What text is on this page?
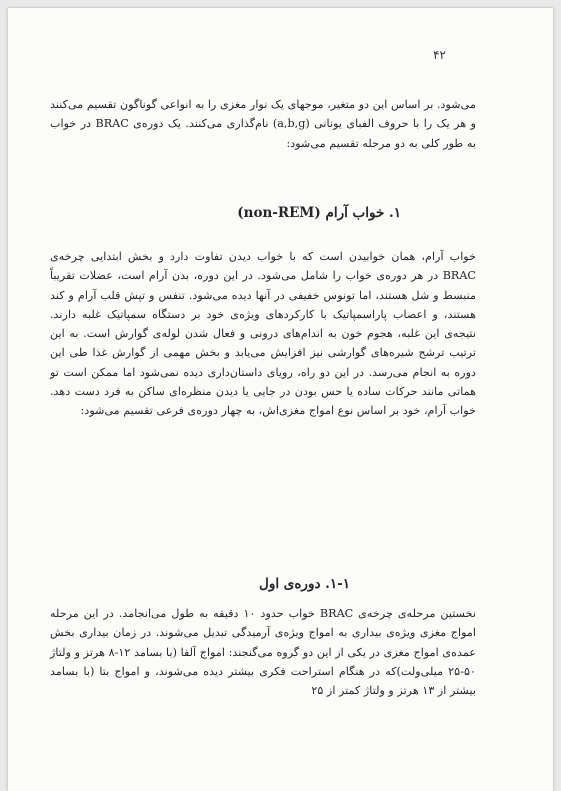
۴۲
می‌شود. بر اساس این دو متغیر، موجهای یک نوار مغزی را به انواعی گوناگون تقسیم می‌کنند و هر یک را با حروف الفبای یونانی (a,b,g) نام‌گذاری می‌کنند. یک دوره‌ی BRAC در خواب به طور کلی به دو مرحله تقسیم می‌شود:
۱. خواب آرام (non-REM)
خواب آرام، همان خوابیدن است که با خواب دیدن تفاوت دارد و بخش ابتدایی چرخه‌ی BRAC در هر دوره‌ی خواب را شامل می‌شود. در این دوره، بدن آرام است، عضلات تقریباً منبسط و شل هستند، اما تونوس خفیفی در آنها دیده می‌شود. تنفس و تپش قلب آرام و کند هستند، و اعصاب پاراسمپاتیک با کارکردهای ویژه‌ی خود بر دستگاه سمپاتیک غلبه دارند. نتیجه‌ی این غلبه، هجوم خون به اندام‌های درونی و فعال شدن لوله‌ی گوارش است. به این ترتیب ترشح شیره‌های گوارشی نیز افزایش می‌یابد و بخش مهمی از گوارش غذا طی این دوره به انجام می‌رسد. در این دو راه، رویای داستان‌داری دیده نمی‌شود اما ممکن است تو هماتی مانند حرکات ساده یا حس بودن در جایی یا دیدن منظره‌ای ساکن به فرد دست دهد. خواب آرام، خود بر اساس نوع امواج مغزی‌اش، به چهار دوره‌ی فرعی تقسیم می‌شود:
۱-۱. دوره‌ی اول
نخستین مرحله‌ی چرخه‌ی BRAC خواب حدود ۱۰ دقیقه به طول می‌انجامد. در این مرحله امواج مغزی ویژه‌ی بیداری به امواج ویژه‌ی آرمیدگی تبدیل می‌شوند. در زمان بیداری بخش عمده‌ی امواج مغزی در یکی از این دو گروه می‌گنجند: امواج آلفا (با بسامد ۱۲-۸ هرتز و ولتاژ ۵۰-۲۵ میلی‌ولت)که در هنگام استراحت فکری بیشتر دیده می‌شوند، و امواج بتا (با بسامد بیشتر از ۱۳ هرتز و ولتاژ کمتر از ۲۵
